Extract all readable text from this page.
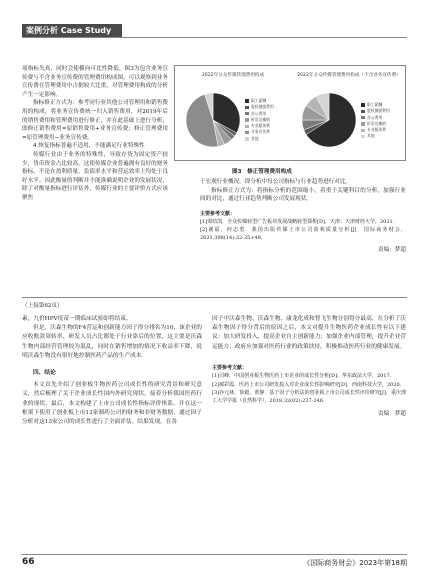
案例分析 Case Study

项指标失真，同时会使横向可比性降低。图3为包含业务宣传费与不含业务宣传费的管理费用构成图，可以观察到业务宣传费在管理费用中占据较大比重，对管理费用构成的分析产生一定影响。

指标修正方式为：参考同行业其他公司管理用和销售费用的构成，将业务宣传费统一归入销售费用，对2019年后的销售费用和管理费用进行修正，并在此基础上进行分析，即修正销售费用=原销售费用+业务宣传费；修正管理费用=原管理费用−业务宣传费。

4.恢复指标普遍不适用，不能满足行业特殊性

传媒行业由于业务的特殊性，导致存货为固定资产较少，货币资金占比较高，这使传媒企业普遍拥有良好的财务指标，不论在盈利质量、负债率水平和营运效率上均处于良好水平。因此衡量的判断并不能准确说明企业的发展状况，除了对衡量指标进行评估外，传媒行业的主要评价方式应该聚焦

2022年分众传媒管理费用构成
职工薪酬
股权激励费用
办公费用
折旧及摊销
专业服务费
业务宣传费
其他
2022年分众传媒管理费用构成（不含业务宣传费）
职工薪酬
股权激励费用
办公费用
折旧及摊销
专业服务费
其他
图3　修正管理费用构成

于宏观行业概况，即分析中每公司指标与行业趋势进行对比。

指标修正方式为：将指标分析的范围缩小，着重于关键科目的分析，加强行业间的对比，通过行业趋势判断公司发展现状。

主要参考文献：
[1]谭幼凯．全众传媒转型广告板块发展战略转型探析[D]．天津：天津财经大学，2021.
[2]谢福，何志勇．我国出版传媒上市公司盈利质量分析[J]．国际商务财会，2021,398(14):32-35+48.
责编：梦超
（上接第62页）

素，九价HPV疫苗一期临床试验即将结束。

但是，沃森生物的F4营运和创新能力因子得分排名为10，该企业的应收账款周转率、研发人员占比都处于行业靠后的位置，这主要是沃森生物内部经营管理较为混乱，同时在销售增加的情况下收益率下降，说明沃森生物没有很好地控制医药产品的生产成本。

四、结论

本文首先介绍了创业板生物医药公司成长性的研究背景和研究意义，然后梳理了关于企业成长性国内外研究现状。接着分析我国医药行业的现状。最后，本文构建了上市公司成长性指标评价体系，并在这一框架下使用了创业板上市13家制药公司的财务和非财务数据，通过因子分析对这13家公司的成长性进行了全面评估。结果发现，在各

因子中沃森生物、沃森生物、康龙化成和智飞生物分别得分最高，在分析了沃森生物因子得分背后的原因之后，本文对提升生物医药企业成长性有以下建议：加大研发投入，提高企业自主创新能力；加强企业内部管理，提升企业营运能力；政府应加强对医药行业的政策扶持，积极推动医药行业的健康发展。

主要参考文献：
[1]司峰．中国创业板生物医药上市企业的成长性分析[D]．华东政法大学，2017.
[2]郝彩霞．医药上市公司研发投入对企业成长性影响研究[D]．西南科技大学，2020.
[3]谷元林，徐毅，黄静．基于因子分析法的创业板上市公司成长性评价研究[J]．重庆理工大学学报（自然科学），2018,32(02):237-246.
责编：梦超
66	《国际商务财会》2023年第18期
